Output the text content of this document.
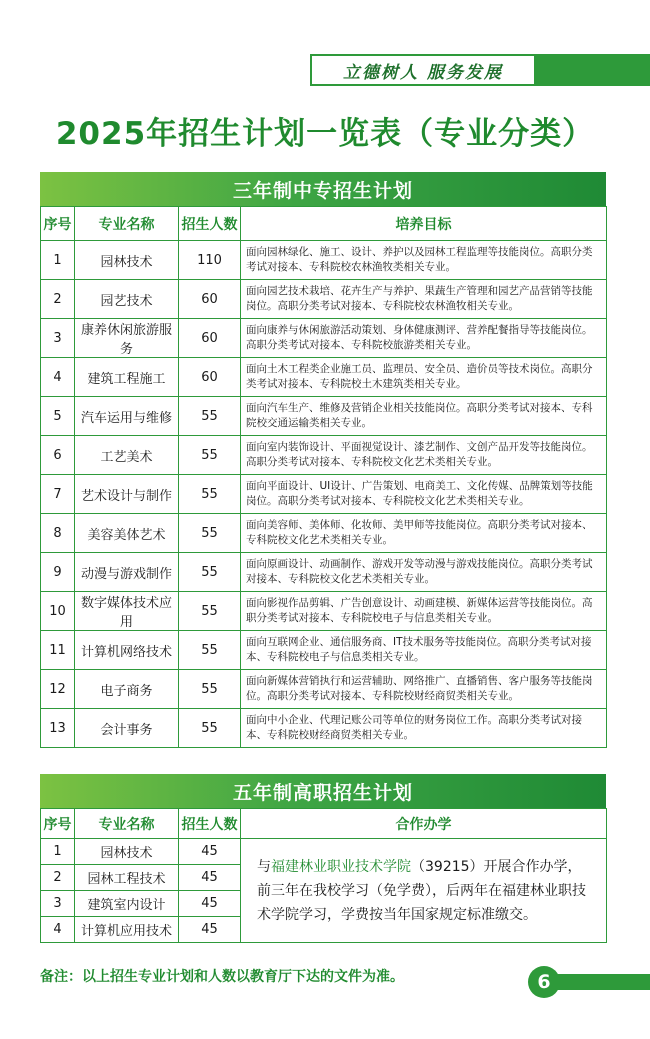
立德树人 服务发展
2025年招生计划一览表（专业分类）
三年制中专招生计划
序号	专业名称	招生人数	培养目标
1	园林技术	110	面向园林绿化、施工、设计、养护以及园林工程监理等技能岗位。高职分类考试对接本、专科院校农林渔牧类相关专业。
2	园艺技术	60	面向园艺技术栽培、花卉生产与养护、果蔬生产管理和园艺产品营销等技能岗位。高职分类考试对接本、专科院校农林渔牧相关专业。
3	康养休闲旅游服务	60	面向康养与休闲旅游活动策划、身体健康测评、营养配餐指导等技能岗位。高职分类考试对接本、专科院校旅游类相关专业。
4	建筑工程施工	60	面向土木工程类企业施工员、监理员、安全员、造价员等技术岗位。高职分类考试对接本、专科院校土木建筑类相关专业。
5	汽车运用与维修	55	面向汽车生产、维修及营销企业相关技能岗位。高职分类考试对接本、专科院校交通运输类相关专业。
6	工艺美术	55	面向室内装饰设计、平面视觉设计、漆艺制作、文创产品开发等技能岗位。高职分类考试对接本、专科院校文化艺术类相关专业。
7	艺术设计与制作	55	面向平面设计、UI设计、广告策划、电商美工、文化传媒、品牌策划等技能岗位。高职分类考试对接本、专科院校文化艺术类相关专业。
8	美容美体艺术	55	面向美容师、美体师、化妆师、美甲师等技能岗位。高职分类考试对接本、专科院校文化艺术类相关专业。
9	动漫与游戏制作	55	面向原画设计、动画制作、游戏开发等动漫与游戏技能岗位。高职分类考试对接本、专科院校文化艺术类相关专业。
10	数字媒体技术应用	55	面向影视作品剪辑、广告创意设计、动画建模、新媒体运营等技能岗位。高职分类考试对接本、专科院校电子与信息类相关专业。
11	计算机网络技术	55	面向互联网企业、通信服务商、IT技术服务等技能岗位。高职分类考试对接本、专科院校电子与信息类相关专业。
12	电子商务	55	面向新媒体营销执行和运营辅助、网络推广、直播销售、客户服务等技能岗位。高职分类考试对接本、专科院校财经商贸类相关专业。
13	会计事务	55	面向中小企业、代理记账公司等单位的财务岗位工作。高职分类考试对接本、专科院校财经商贸类相关专业。
五年制高职招生计划
序号	专业名称	招生人数	合作办学
1	园林技术	45	与福建林业职业技术学院（39215）开展合作办学，前三年在我校学习（免学费），后两年在福建林业职技术学院学习，学费按当年国家规定标准缴交。
2	园林工程技术	45	
3	建筑室内设计	45	
4	计算机应用技术	45	
备注：以上招生专业计划和人数以教育厅下达的文件为准。	6
